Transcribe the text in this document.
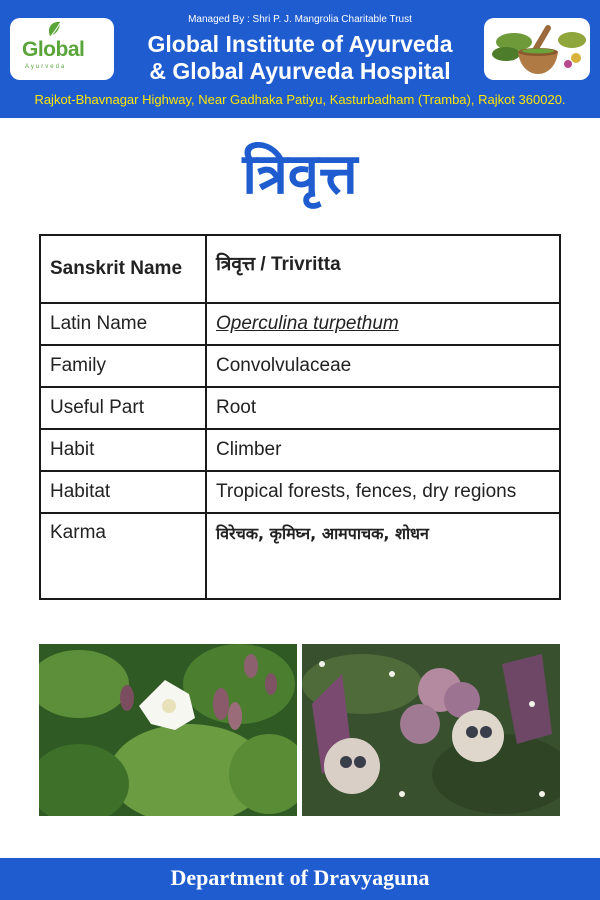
Global
Ayurveda
Managed By : Shri P. J. Mangrolia Charitable Trust
Global Institute of Ayurveda
& Global Ayurveda Hospital
Rajkot-Bhavnagar Highway, Near Gadhaka Patiyu, Kasturbadham (Tramba), Rajkot 360020.
त्रिवृत्त
Sanskrit Name	त्रिवृत्त / Trivritta
Latin Name	Operculina turpethum
Family	Convolvulaceae
Useful Part	Root
Habit	Climber
Habitat	Tropical forests, fences, dry regions
Karma	विरेचक, कृमिघ्न, आमपाचक, शोधन
Department of Dravyaguna
